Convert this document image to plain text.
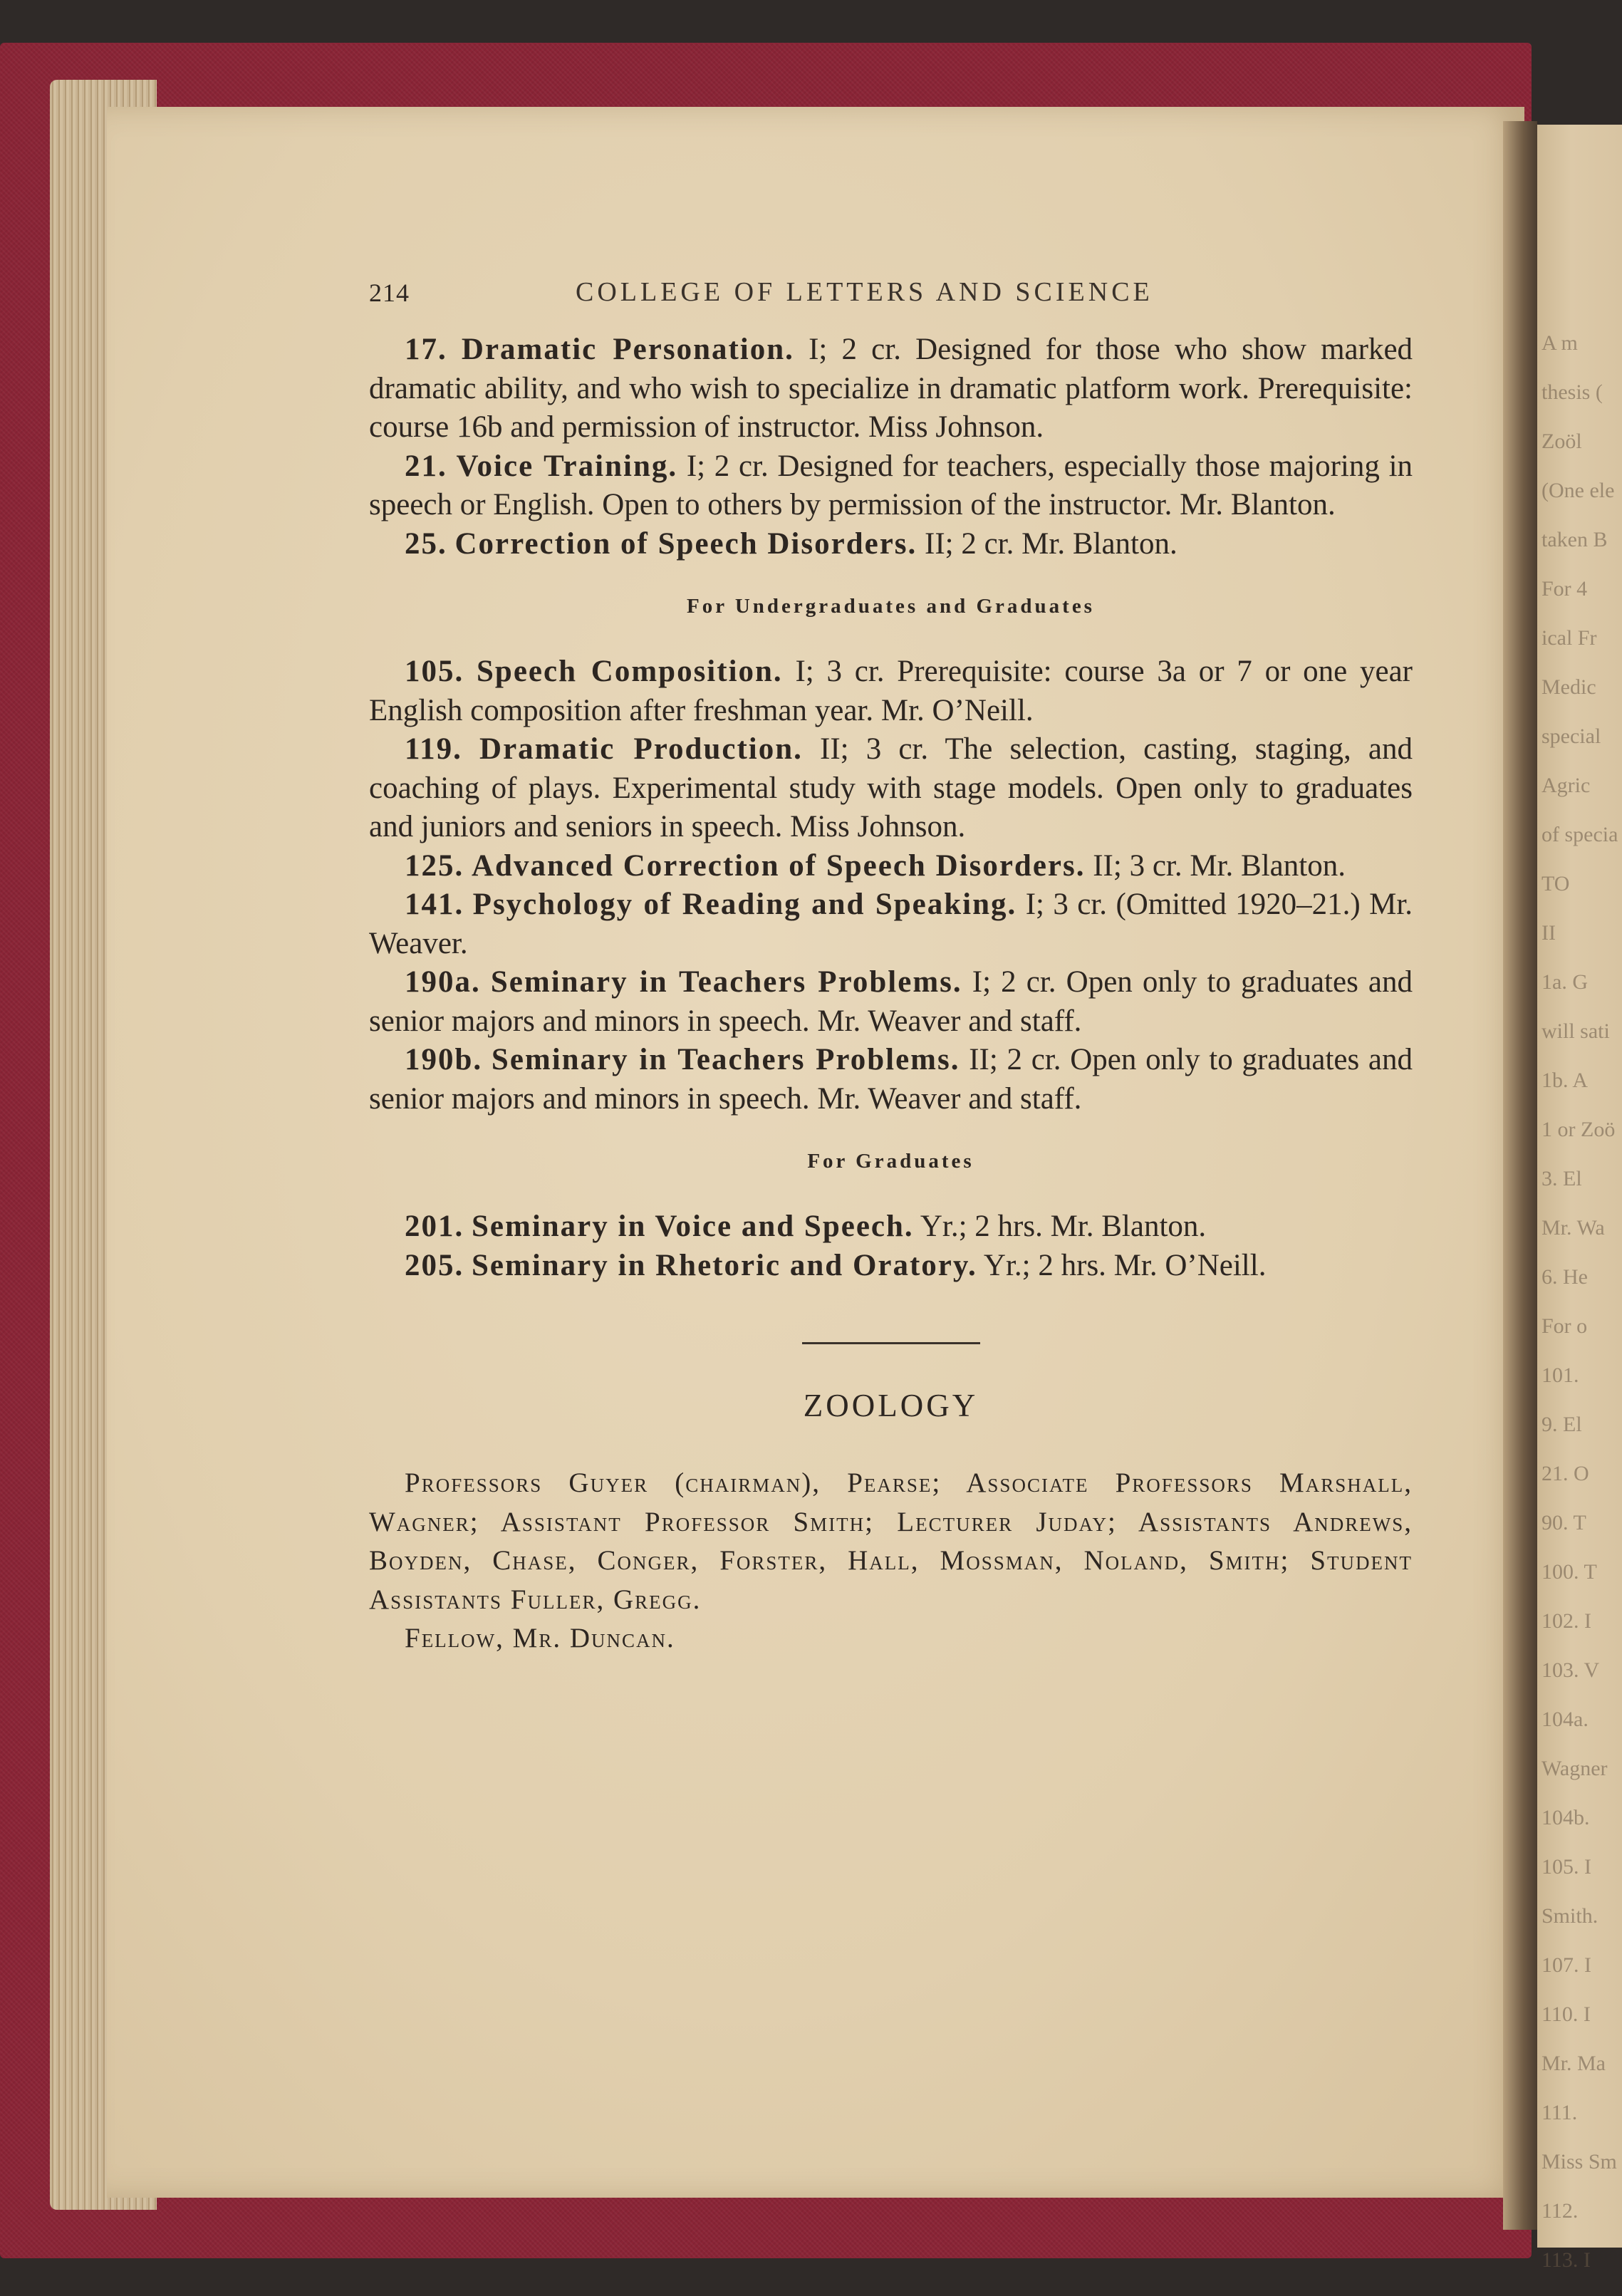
A m
thesis (
Zoöl
(One ele
taken B
For 4
ical Fr
Medic
special
Agric
of specia
TO
II
1a. G
will sati
1b. A
1 or Zoö
3. El
Mr. Wa
6. He
For o
101.
9. El
21. O
90. T
100. T
102. I
103. V
104a.
Wagner
104b.
105. I
Smith.
107. I
110. I
Mr. Ma
111.
Miss Sm
112.
113. I
214	COLLEGE OF LETTERS AND SCIENCE

17. Dramatic Personation. I; 2 cr. Designed for those who show marked dramatic ability, and who wish to specialize in dramatic platform work. Prerequisite: course 16b and permission of instructor. Miss Johnson.

21. Voice Training. I; 2 cr. Designed for teachers, especially those majoring in speech or English. Open to others by permission of the instructor. Mr. Blanton.

25. Correction of Speech Disorders. II; 2 cr. Mr. Blanton.

For Undergraduates and Graduates

105. Speech Composition. I; 3 cr. Prerequisite: course 3a or 7 or one year English composition after freshman year. Mr. O’Neill.

119. Dramatic Production. II; 3 cr. The selection, casting, staging, and coaching of plays. Experimental study with stage models. Open only to graduates and juniors and seniors in speech. Miss Johnson.

125. Advanced Correction of Speech Disorders. II; 3 cr. Mr. Blanton.

141. Psychology of Reading and Speaking. I; 3 cr. (Omitted 1920–21.) Mr. Weaver.

190a. Seminary in Teachers Problems. I; 2 cr. Open only to graduates and senior majors and minors in speech. Mr. Weaver and staff.

190b. Seminary in Teachers Problems. II; 2 cr. Open only to graduates and senior majors and minors in speech. Mr. Weaver and staff.

For Graduates

201. Seminary in Voice and Speech. Yr.; 2 hrs. Mr. Blanton.

205. Seminary in Rhetoric and Oratory. Yr.; 2 hrs. Mr. O’Neill.

ZOOLOGY

Professors Guyer (chairman), Pearse; Associate Professors Marshall, Wagner; Assistant Professor Smith; Lecturer Juday; Assistants Andrews, Boyden, Chase, Conger, Forster, Hall, Mossman, Noland, Smith; Student Assistants Fuller, Gregg.

Fellow, Mr. Duncan.
